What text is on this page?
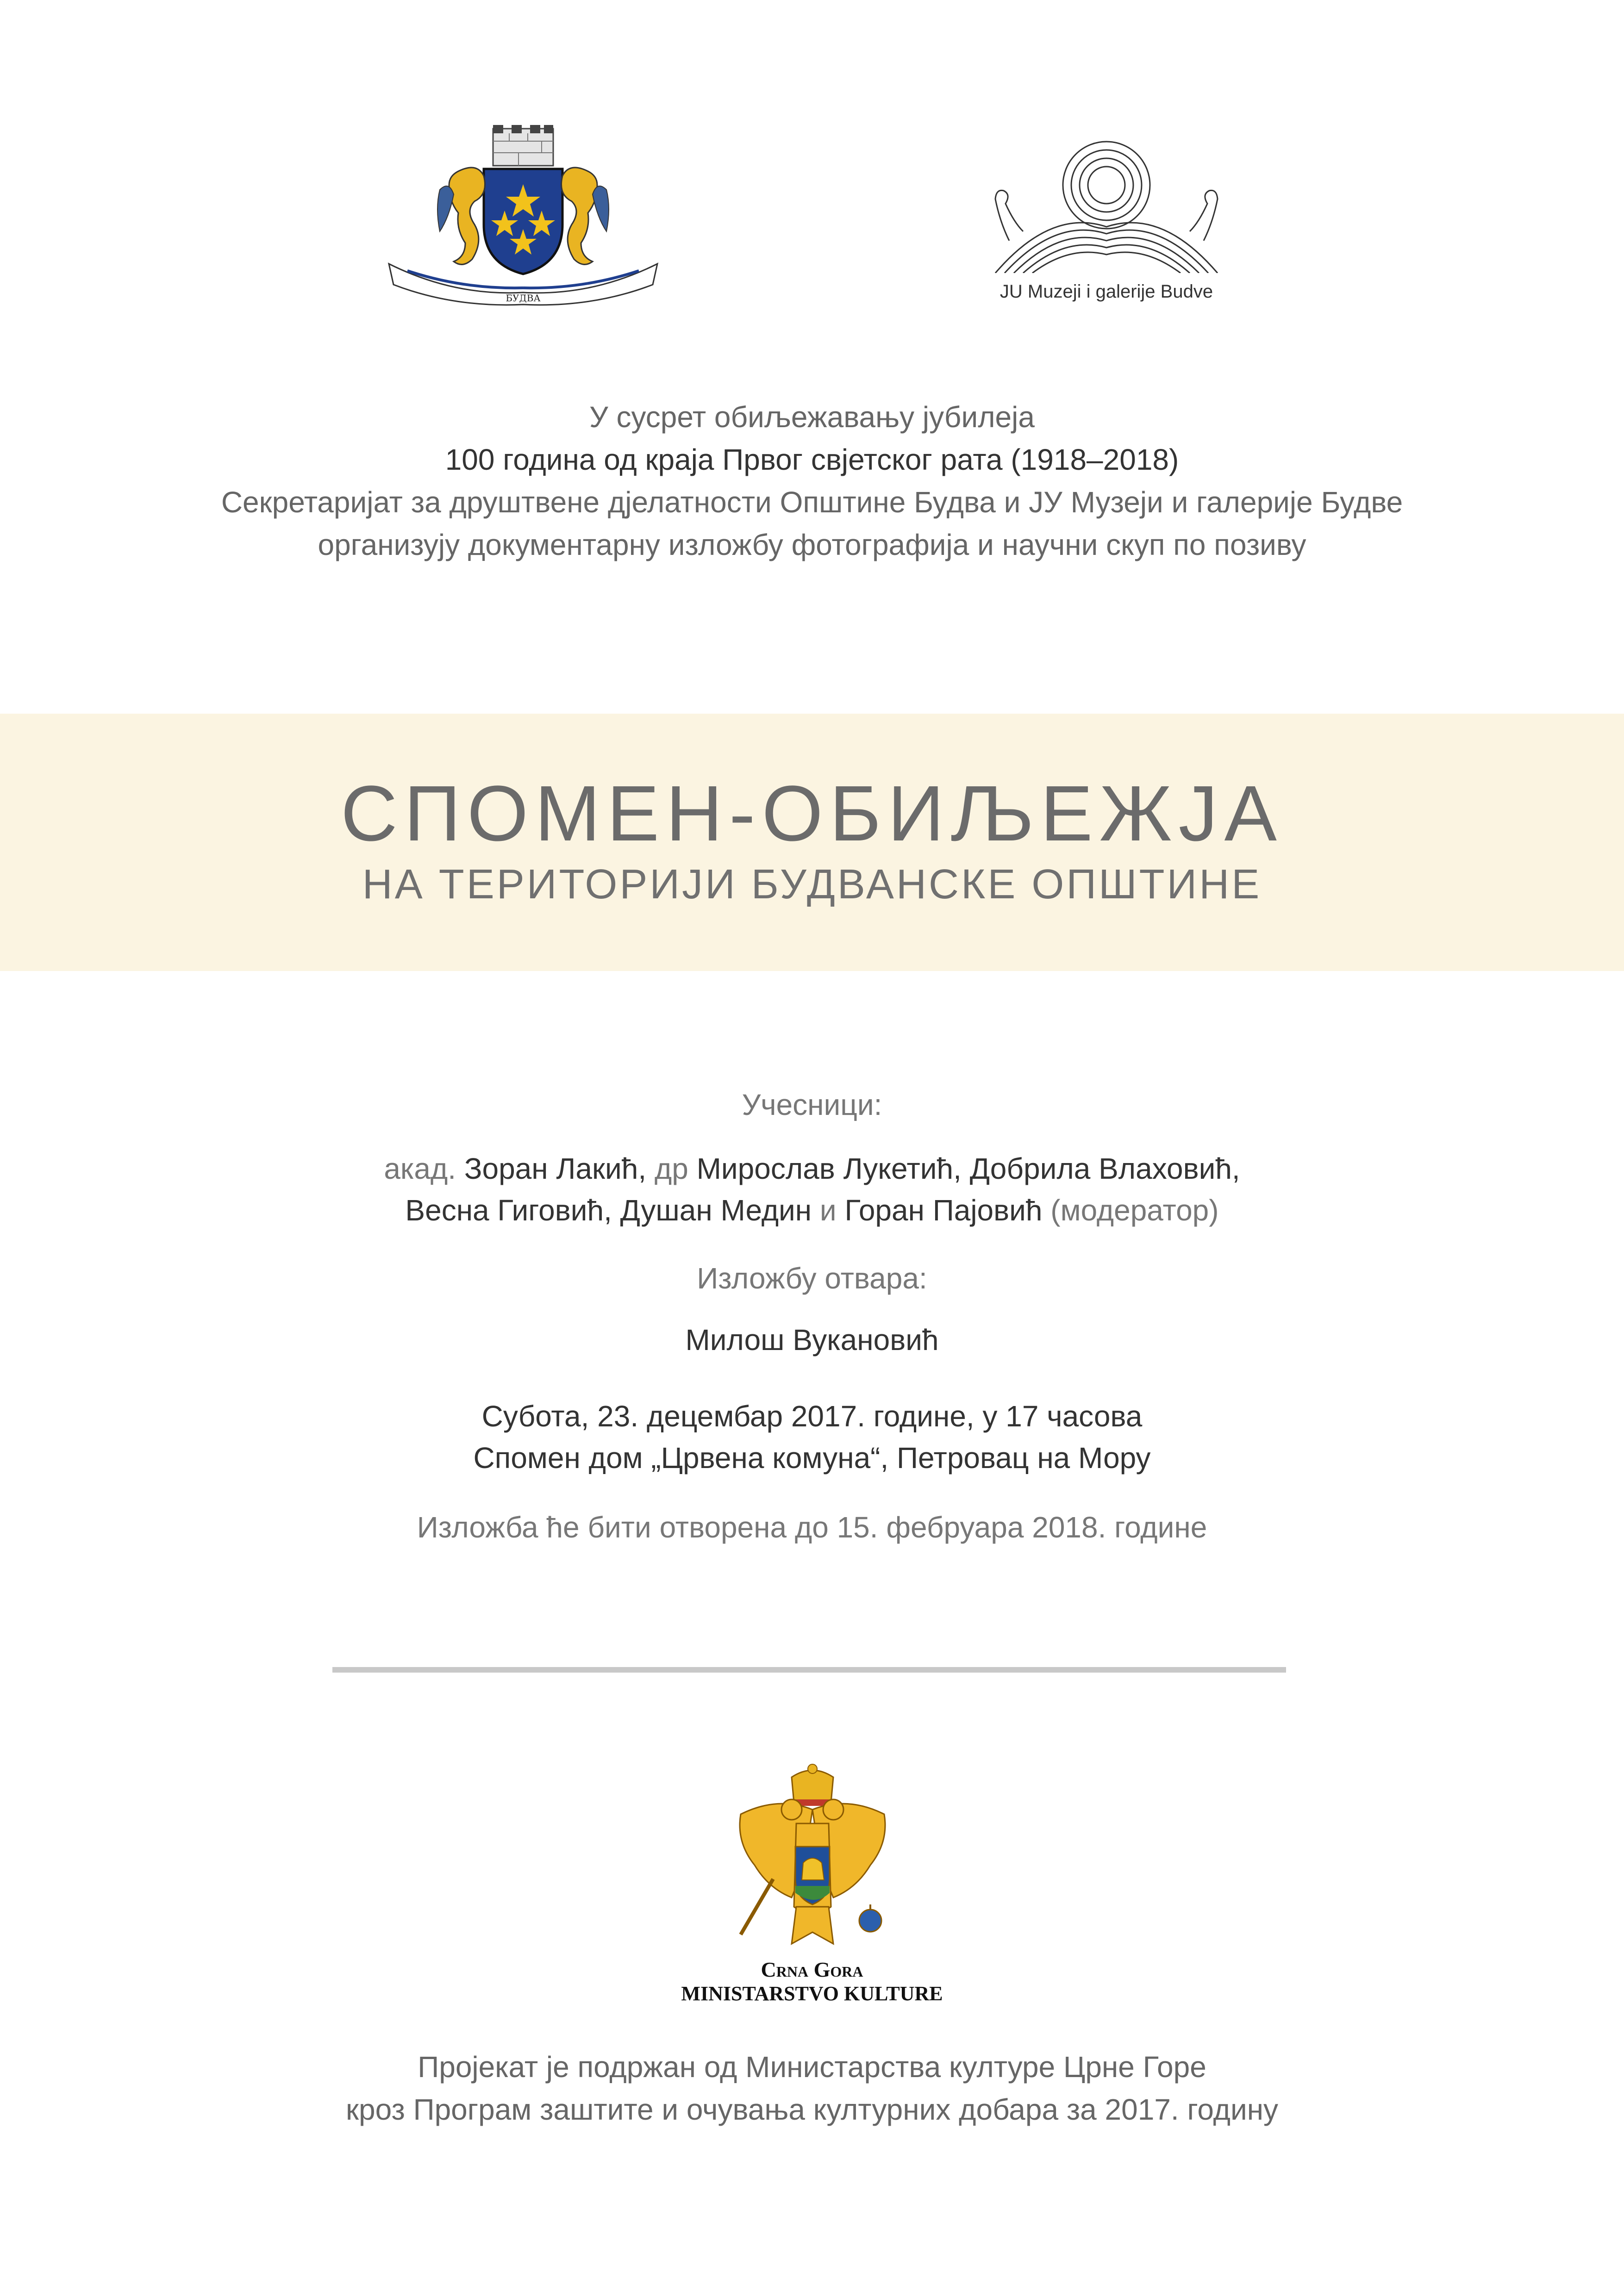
БУДВА	JU Muzeji i galerije Budve
У сусрет обиљежавању јубилеја
100 година од краја Првог свјетског рата (1918–2018)
Секретаријат за друштвене дјелатности Општине Будва и ЈУ Музеји и галерије Будве
организују документарну изложбу фотографија и научни скуп по позиву
СПОМЕН-ОБИЉЕЖЈА
НА ТЕРИТОРИЈИ БУДВАНСКЕ ОПШТИНЕ
Учесници:
акад. Зоран Лакић, др Мирослав Лукетић, Добрила Влаховић,
Весна Гиговић, Душан Медин и Горан Пајовић (модератор)
Изложбу отвара:
Милош Вукановић
Субота, 23. децембар 2017. године, у 17 часова
Спомен дом „Црвена комуна“, Петровац на Мору
Изложба ће бити отворена до 15. фебруара 2018. године
Crna Gora
MINISTARSTVO KULTURE
Пројекат је подржан од Министарства културе Црне Горе
кроз Програм заштите и очувања културних добара за 2017. годину
